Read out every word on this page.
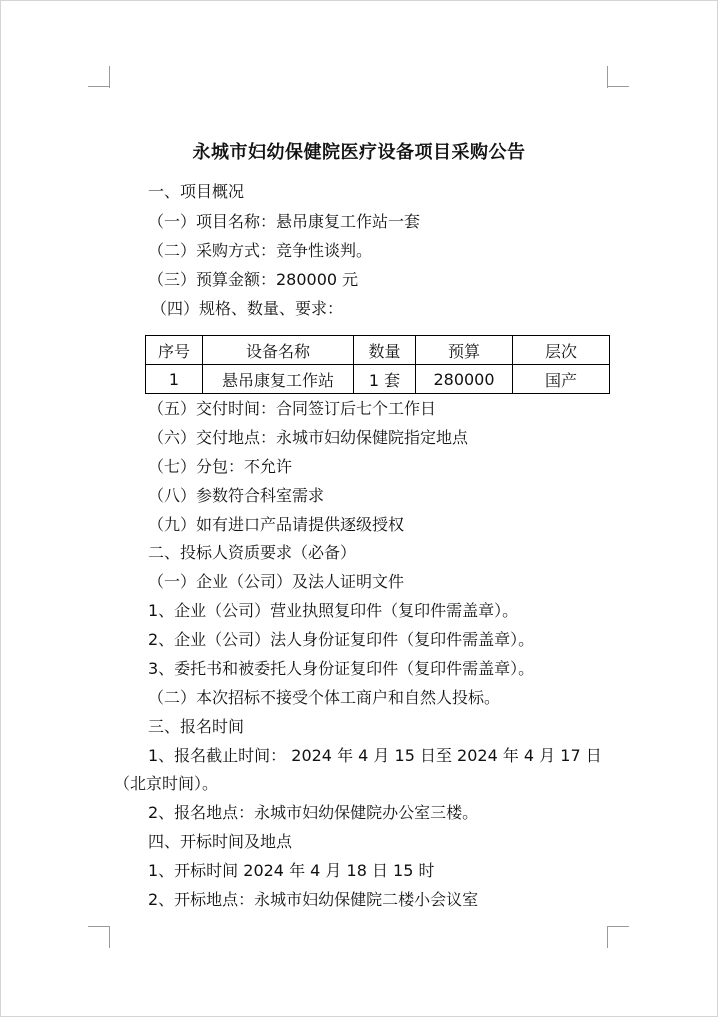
永城市妇幼保健院医疗设备项目采购公告
一、项目概况
（一）项目名称：悬吊康复工作站一套
（二）采购方式：竞争性谈判。
（三）预算金额：280000 元
（四）规格、数量、要求：
序号	设备名称	数量	预算	层次
1	悬吊康复工作站	1 套	280000	国产
（五）交付时间：合同签订后七个工作日
（六）交付地点：永城市妇幼保健院指定地点
（七）分包：不允许
（八）参数符合科室需求
（九）如有进口产品请提供逐级授权
二、投标人资质要求（必备）
（一）企业（公司）及法人证明文件
1、企业（公司）营业执照复印件（复印件需盖章）。
2、企业（公司）法人身份证复印件（复印件需盖章）。
3、委托书和被委托人身份证复印件（复印件需盖章）。
（二）本次招标不接受个体工商户和自然人投标。
三、报名时间
1、报名截止时间： 2024 年 4 月 15 日至 2024 年 4 月 17 日
（北京时间）。
2、报名地点：永城市妇幼保健院办公室三楼。
四、开标时间及地点
1、开标时间 2024 年 4 月 18 日 15 时
2、开标地点：永城市妇幼保健院二楼小会议室
